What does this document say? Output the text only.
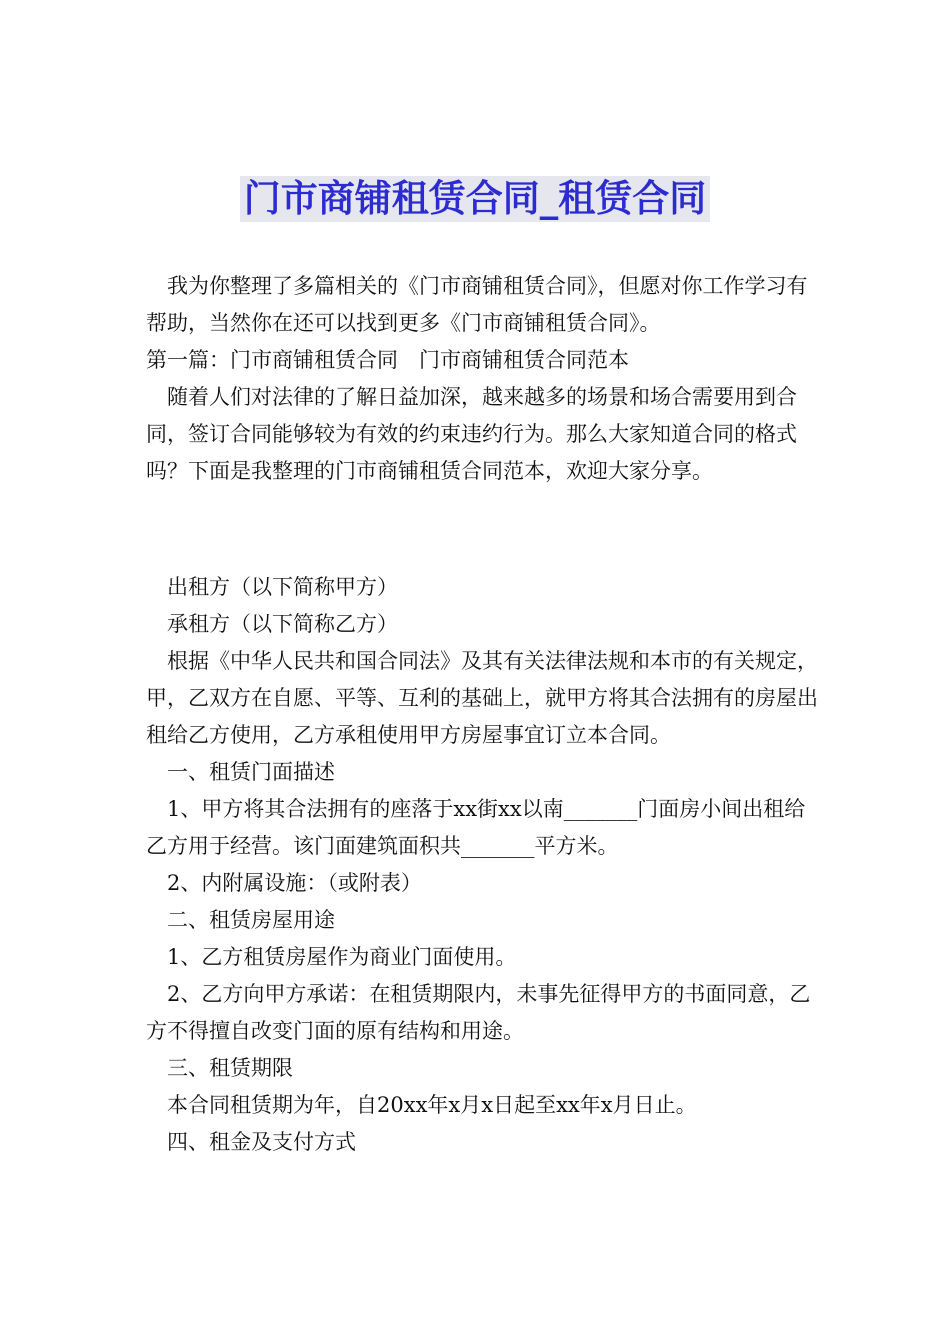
门市商铺租赁合同_租赁合同

我为你整理了多篇相关的《门市商铺租赁合同》，但愿对你工作学习有帮助，当然你在还可以找到更多《门市商铺租赁合同》。

第一篇：门市商铺租赁合同　门市商铺租赁合同范本

随着人们对法律的了解日益加深，越来越多的场景和场合需要用到合同，签订合同能够较为有效的约束违约行为。那么大家知道合同的格式吗？下面是我整理的门市商铺租赁合同范本，欢迎大家分享。

出租方（以下简称甲方）

承租方（以下简称乙方）

根据《中华人民共和国合同法》及其有关法律法规和本市的有关规定，甲，乙双方在自愿、平等、互利的基础上，就甲方将其合法拥有的房屋出租给乙方使用，乙方承租使用甲方房屋事宜订立本合同。

一、租赁门面描述

1、甲方将其合法拥有的座落于xx街xx以南_______门面房小间出租给乙方用于经营。该门面建筑面积共_______平方米。

2、内附属设施：（或附表）

二、租赁房屋用途

1、乙方租赁房屋作为商业门面使用。

2、乙方向甲方承诺：在租赁期限内，未事先征得甲方的书面同意，乙方不得擅自改变门面的原有结构和用途。

三、租赁期限

本合同租赁期为年，自20xx年x月x日起至xx年x月日止。

四、租金及支付方式
